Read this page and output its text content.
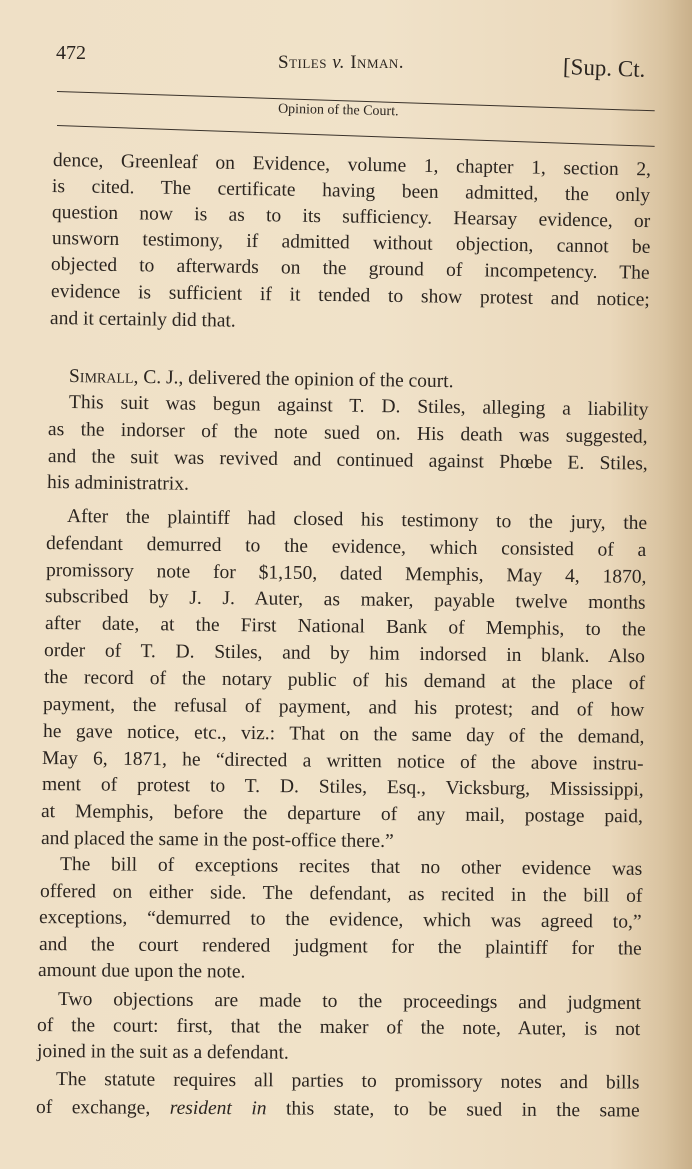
472	Stiles v. Inman.	[Sup. Ct.
Opinion of the Court.
dence, Greenleaf on Evidence, volume 1, chapter 1, section 2,
is cited. The certificate having been admitted, the only
question now is as to its sufficiency. Hearsay evidence, or
unsworn testimony, if admitted without objection, cannot be
objected to afterwards on the ground of incompetency. The
evidence is sufficient if it tended to show protest and notice;
and it certainly did that.
Simrall, C. J., delivered the opinion of the court.
This suit was begun against T. D. Stiles, alleging a liability
as the indorser of the note sued on. His death was suggested,
and the suit was revived and continued against Phœbe E. Stiles,
his administratrix.
After the plaintiff had closed his testimony to the jury, the
defendant demurred to the evidence, which consisted of a
promissory note for $1,150, dated Memphis, May 4, 1870,
subscribed by J. J. Auter, as maker, payable twelve months
after date, at the First National Bank of Memphis, to the
order of T. D. Stiles, and by him indorsed in blank. Also
the record of the notary public of his demand at the place of
payment, the refusal of payment, and his protest; and of how
he gave notice, etc., viz.: That on the same day of the demand,
May 6, 1871, he “directed a written notice of the above instru-
ment of protest to T. D. Stiles, Esq., Vicksburg, Mississippi,
at Memphis, before the departure of any mail, postage paid,
and placed the same in the post-office there.”
The bill of exceptions recites that no other evidence was
offered on either side. The defendant, as recited in the bill of
exceptions, “demurred to the evidence, which was agreed to,”
and the court rendered judgment for the plaintiff for the
amount due upon the note.
Two objections are made to the proceedings and judgment
of the court: first, that the maker of the note, Auter, is not
joined in the suit as a defendant.
The statute requires all parties to promissory notes and bills
of exchange, resident in this state, to be sued in the same
